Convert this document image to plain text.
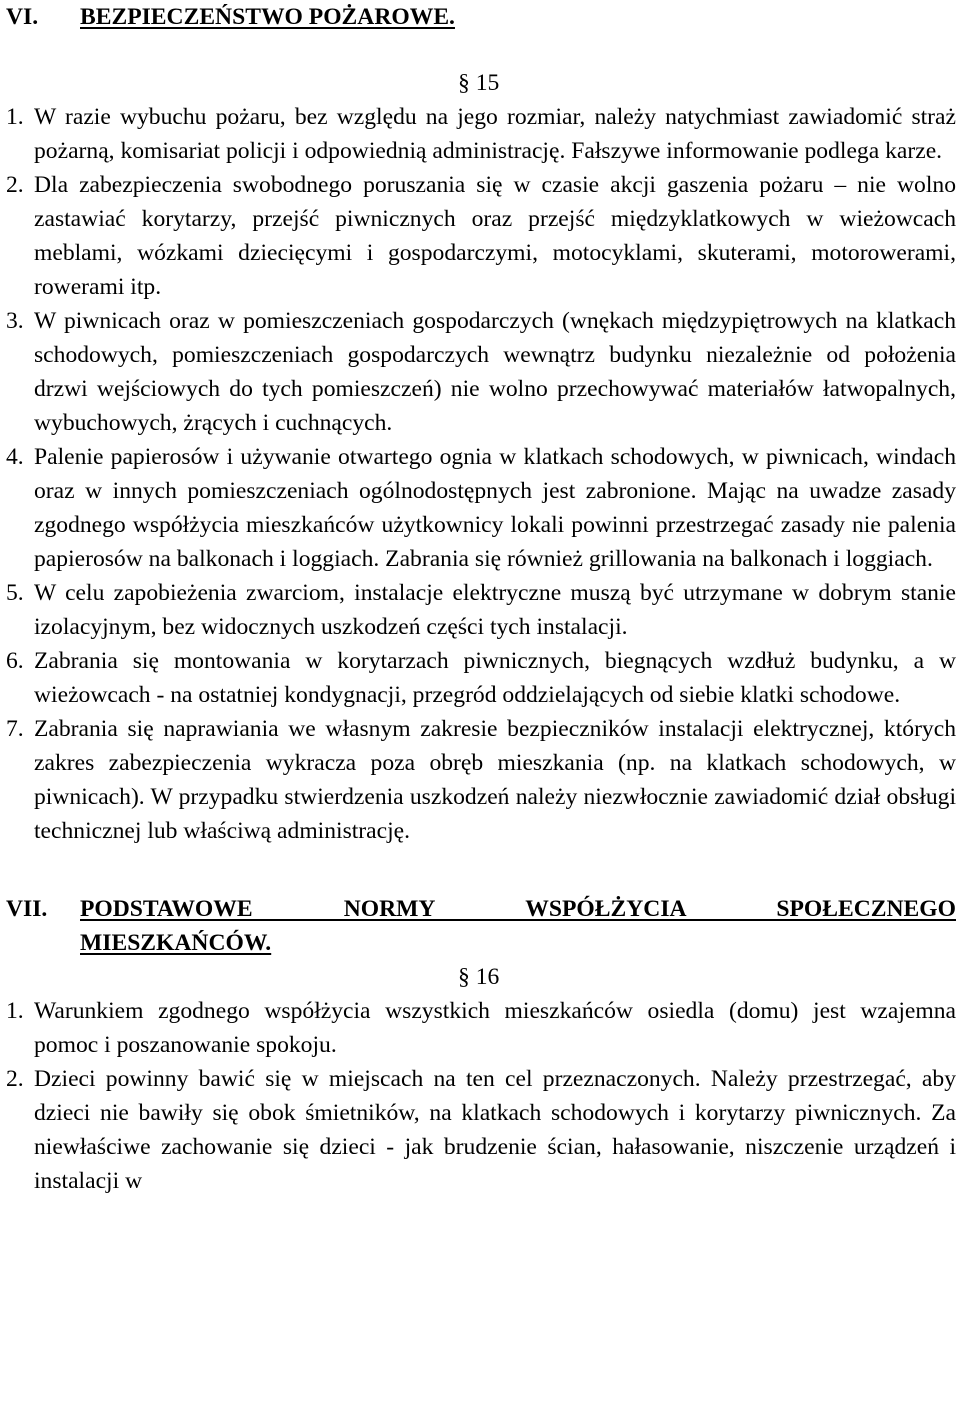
VI. BEZPIECZEŃSTWO POŻAROWE.
§ 15
1. W razie wybuchu pożaru, bez względu na jego rozmiar, należy natychmiast zawiadomić straż pożarną, komisariat policji i odpowiednią administrację. Fałszywe informowanie podlega karze.
2. Dla zabezpieczenia swobodnego poruszania się w czasie akcji gaszenia pożaru – nie wolno zastawiać korytarzy, przejść piwnicznych oraz przejść międzyklatkowych w wieżowcach meblami, wózkami dziecięcymi i gospodarczymi, motocyklami, skuterami, motorowerami, rowerami itp.
3. W piwnicach oraz w pomieszczeniach gospodarczych (wnękach międzypiętrowych na klatkach schodowych, pomieszczeniach gospodarczych wewnątrz budynku niezależnie od położenia drzwi wejściowych do tych pomieszczeń) nie wolno przechowywać materiałów łatwopalnych, wybuchowych, żrących i cuchnących.
4. Palenie papierosów i używanie otwartego ognia w klatkach schodowych, w piwnicach, windach oraz w innych pomieszczeniach ogólnodostępnych jest zabronione. Mając na uwadze zasady zgodnego współżycia mieszkańców użytkownicy lokali powinni przestrzegać zasady nie palenia papierosów na balkonach i loggiach. Zabrania się również grillowania na balkonach i loggiach.
5. W celu zapobieżenia zwarciom, instalacje elektryczne muszą być utrzymane w dobrym stanie izolacyjnym, bez widocznych uszkodzeń części tych instalacji.
6. Zabrania się montowania w korytarzach piwnicznych, biegnących wzdłuż budynku, a w wieżowcach - na ostatniej kondygnacji, przegród oddzielających od siebie klatki schodowe.
7. Zabrania się naprawiania we własnym zakresie bezpieczników instalacji elektrycznej, których zakres zabezpieczenia wykracza poza obręb mieszkania (np. na klatkach schodowych, w piwnicach). W przypadku stwierdzenia uszkodzeń należy niezwłocznie zawiadomić dział obsługi technicznej lub właściwą administrację.
VII. PODSTAWOWE NORMY WSPÓŁŻYCIA SPOŁECZNEGO
MIESZKAŃCÓW.
§ 16
1. Warunkiem zgodnego współżycia wszystkich mieszkańców osiedla (domu) jest wzajemna pomoc i poszanowanie spokoju.
2. Dzieci powinny bawić się w miejscach na ten cel przeznaczonych. Należy przestrzegać, aby dzieci nie bawiły się obok śmietników, na klatkach schodowych i korytarzy piwnicznych. Za niewłaściwe zachowanie się dzieci - jak brudzenie ścian, hałasowanie, niszczenie urządzeń i instalacji w
